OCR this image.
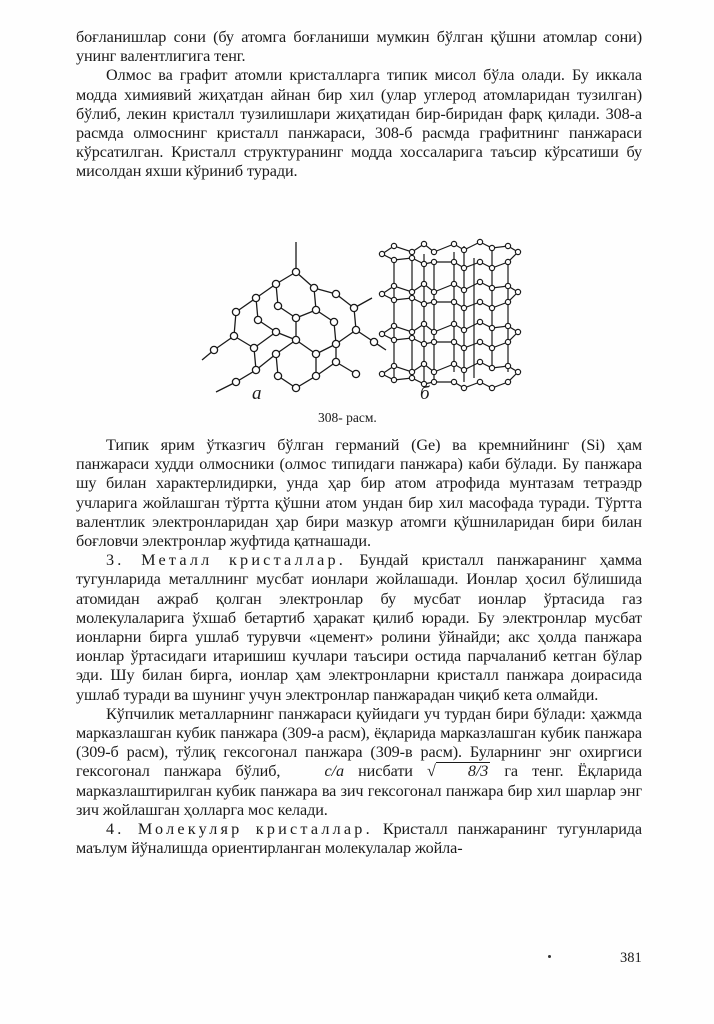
боғланишлар сони (бу атомга боғланиши мумкин бўлган қўшни атомлар сони) унинг валентлигига тенг.

Олмос ва графит атомли кристалларга типик мисол бўла олади. Бу иккала модда химиявий жиҳатдан айнан бир хил (улар углерод атомларидан тузилган) бўлиб, лекин кристалл тузилишлари жиҳатидан бир-биридан фарқ қилади. 308-а расмда олмоснинг кристалл панжараси, 308-б расмда графитнинг панжараси кўрсатилган. Кристалл структуранинг модда хоссаларига таъсир кўрсатиши бу мисолдан яхши кўриниб туради.

а	б
308- расм.

Типик ярим ўтказгич бўлган германий (Ge) ва кремнийнинг (Si) ҳам панжараси худди олмосники (олмос типидаги панжара) каби бўлади. Бу панжара шу билан характерлидирки, унда ҳар бир атом атрофида мунтазам тетраэдр учларига жойлашган тўртта қўшни атом ундан бир хил масофада туради. Тўртта валентлик электронларидан ҳар бири мазкур атомги қўшниларидан бири билан боғловчи электронлар жуфтида қатнашади.

3. Металл кристаллар. Бундай кристалл панжаранинг ҳамма тугунларида металлнинг мусбат ионлари жойлашади. Ионлар ҳосил бўлишида атомидан ажраб қолган электронлар бу мусбат ионлар ўртасида газ молекулаларига ўхшаб бетартиб ҳаракат қилиб юради. Бу электронлар мусбат ионларни бирга ушлаб турувчи «цемент» ролини ўйнайди; акс ҳолда панжара ионлар ўртасидаги итаришиш кучлари таъсири остида парчаланиб кетган бўлар эди. Шу билан бирга, ионлар ҳам электронларни кристалл панжара доирасида ушлаб туради ва шунинг учун электронлар панжарадан чиқиб кета олмайди.

Кўпчилик металларнинг панжараси қуйидаги уч турдан бири бўлади: ҳажмда марказлашган кубик панжара (309-а расм), ёқларида марказлашган кубик панжара (309-б расм), тўлиқ гексогонал панжара (309-в расм). Буларнинг энг охиргиси гексогонал панжара бўлиб,	c/a нисбати √ 8/3 га тенг. Ёқларида марказлаштирилган кубик панжара ва зич гексогонал панжара бир хил шарлар энг зич жойлашган ҳолларга мос келади.

4. Молекуляр кристаллар. Кристалл панжаранинг тугунларида маълум йўналишда ориентирланган молекулалар жойла-

381
